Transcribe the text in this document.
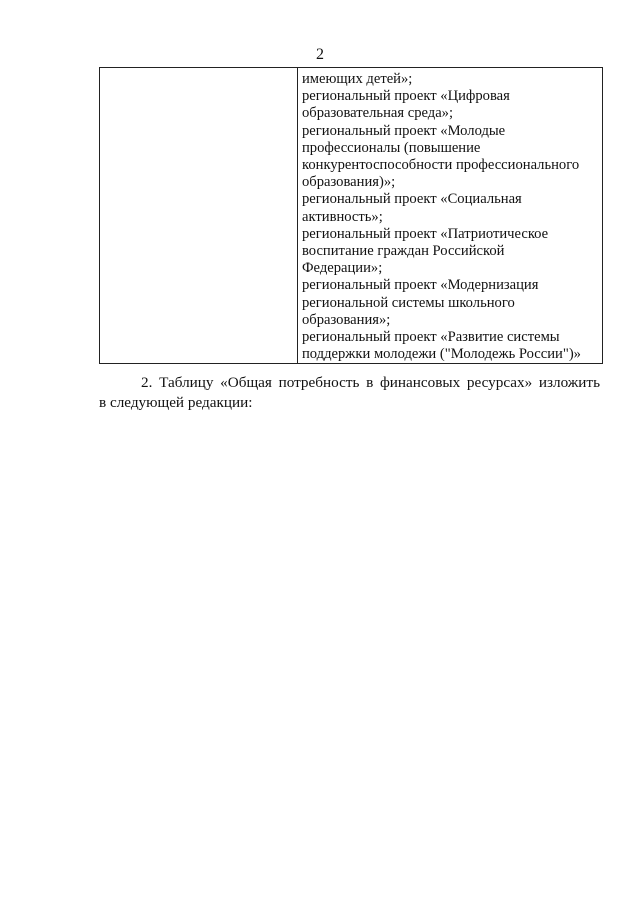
2

имеющих детей»;
региональный проект «Цифровая
образовательная среда»;
региональный проект «Молодые
профессионалы (повышение
конкурентоспособности профессионального
образования)»;
региональный проект «Социальная
активность»;
региональный проект «Патриотическое
воспитание граждан Российской
Федерации»;
региональный проект «Модернизация
региональной системы школьного
образования»;
региональный проект «Развитие системы
поддержки молодежи ("Молодежь России")»
2. Таблицу «Общая потребность в финансовых ресурсах» изложить
в следующей редакции:
